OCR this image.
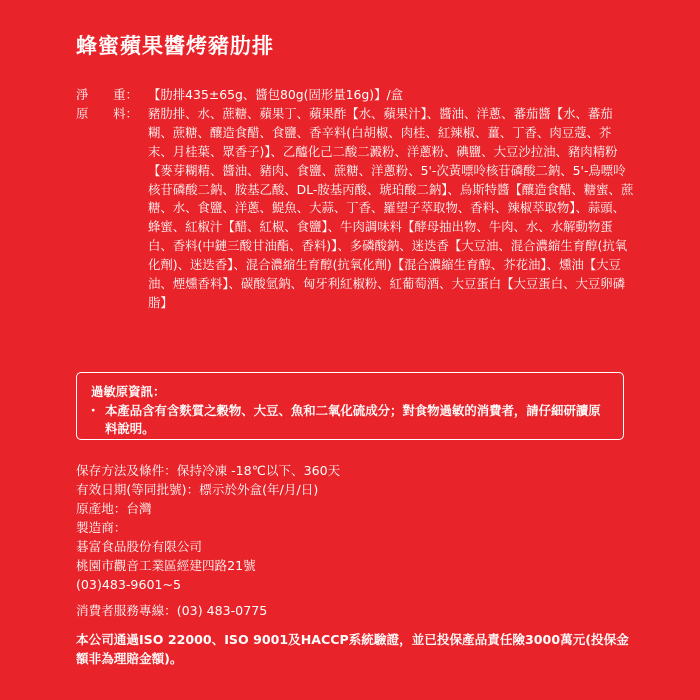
蜂蜜蘋果醬烤豬肋排
淨　　重： 【肋排435±65g、醬包80g(固形量16g)】/盒
原　　料： 豬肋排、水、蔗糖、蘋果丁、蘋果酢【水、蘋果汁】、醬油、洋蔥、蕃茄醬【水、蕃茄糊、蔗糖、釀造食醋、食鹽、香辛料(白胡椒、肉桂、紅辣椒、薑、丁香、肉豆蔻、芥末、月桂葉、眾香子)】、乙醯化己二酸二澱粉、洋蔥粉、碘鹽、大豆沙拉油、豬肉精粉【麥芽糊精、醬油、豬肉、食鹽、蔗糖、洋蔥粉、5'-次黃嘌呤核苷磷酸二鈉、5'-鳥嘌呤核苷磷酸二鈉、胺基乙酸、DL-胺基丙酸、琥珀酸二鈉】、烏斯特醬【釀造食醋、糖蜜、蔗糖、水、食鹽、洋蔥、鯷魚、大蒜、丁香、羅望子萃取物、香料、辣椒萃取物】、蒜頭、蜂蜜、紅椒汁【醋、紅椒、食鹽】、牛肉調味料【酵母抽出物、牛肉、水、水解動物蛋白、香料(中鏈三酸甘油酯、香料)】、多磷酸鈉、迷迭香【大豆油、混合濃縮生育醇(抗氧化劑)、迷迭香】、混合濃縮生育醇(抗氧化劑)【混合濃縮生育醇、芥花油】、燻油【大豆油、煙燻香料】、碳酸氫鈉、匈牙利紅椒粉、紅葡萄酒、大豆蛋白【大豆蛋白、大豆卵磷脂】
過敏原資訊：
・ 本產品含有含麩質之穀物、大豆、魚和二氧化硫成分；對食物過敏的消費者，請仔細研讀原料說明。
保存方法及條件：保持冷凍 -18℃以下、360天
有效日期(等同批號)：標示於外盒(年/月/日)
原產地：台灣
製造商：
碁富食品股份有限公司
桃園市觀音工業區經建四路21號
(03)483-9601~5
消費者服務專線：(03) 483-0775
本公司通過ISO 22000、ISO 9001及HACCP系統驗證，並已投保產品責任險3000萬元(投保金額非為理賠金額)。
